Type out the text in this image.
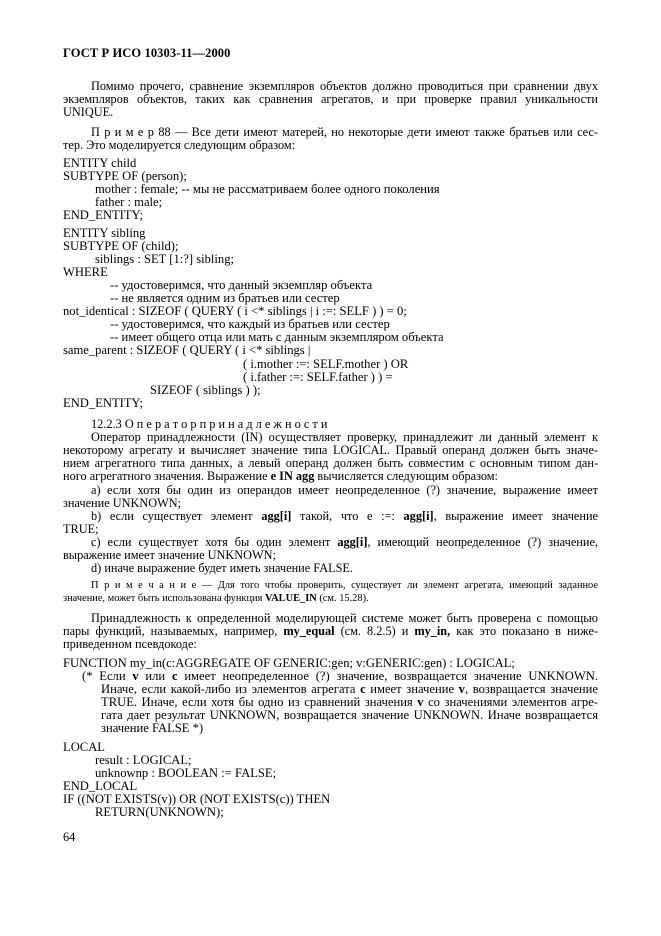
ГОСТ Р ИСО 10303-11—2000
Помимо прочего, сравнение экземпляров объектов должно проводиться при сравнении двух
экземпляров объектов, таких как сравнения агрегатов, и при проверке правил уникальности
UNIQUE.
П р и м е р 88 — Все дети имеют матерей, но некоторые дети имеют также братьев или сес-
тер. Это моделируется следующим образом:
ENTITY child
SUBTYPE OF (person);
mother : female; -- мы не рассматриваем более одного поколения
father : male;
END_ENTITY;
ENTITY sibling
SUBTYPE OF (child);
siblings : SET [1:?] sibling;
WHERE
-- удостоверимся, что данный экземпляр объекта
-- не является одним из братьев или сестер
not_identical : SIZEOF ( QUERY ( i <* siblings | i :=: SELF ) ) = 0;
-- удостоверимся, что каждый из братьев или сестер
-- имеет общего отца или мать с данным экземпляром объекта
same_parent : SIZEOF ( QUERY ( i <* siblings |
( i.mother :=: SELF.mother ) OR
( i.father :=: SELF.father ) ) =
SIZEOF ( siblings ) );
END_ENTITY;
12.2.3 О п е р а т о р п р и н а д л е ж н о с т и
Оператор принадлежности (IN) осуществляет проверку, принадлежит ли данный элемент к
некоторому агрегату и вычисляет значение типа LOGICAL. Правый операнд должен быть значе-
нием агрегатного типа данных, а левый операнд должен быть совместим с основным типом дан-
ного агрегатного значения. Выражение e IN agg вычисляется следующим образом:
a) если хотя бы один из операндов имеет неопределенное (?) значение, выражение имеет
значение UNKNOWN;
b) если существует элемент agg[i] такой, что e :=: agg[i], выражение имеет значение
TRUE;
c) если существует хотя бы один элемент agg[i], имеющий неопределенное (?) значение,
выражение имеет значение UNKNOWN;
d) иначе выражение будет иметь значение FALSE.
П р и м е ч а н и е — Для того чтобы проверить, существует ли элемент агрегата, имеющий заданное
значение, может быть использована функция VALUE_IN (см. 15.28).
Принадлежность к определенной моделирующей системе может быть проверена с помощью
пары функций, называемых, например, my_equal (см. 8.2.5) и my_in, как это показано в ниже-
приведенном псевдокоде:
FUNCTION my_in(c:AGGREGATE OF GENERIC:gen; v:GENERIC:gen) : LOGICAL;
(* Если v или c имеет неопределенное (?) значение, возвращается значение UNKNOWN.
Иначе, если какой-либо из элементов агрегата c имеет значение v, возвращается значение
TRUE. Иначе, если хотя бы одно из сравнений значения v со значениями элементов агре-
гата дает результат UNKNOWN, возвращается значение UNKNOWN. Иначе возвращается
значение FALSE *)
LOCAL
result : LOGICAL;
unknownp : BOOLEAN := FALSE;
END_LOCAL
IF ((NOT EXISTS(v)) OR (NOT EXISTS(c)) THEN
RETURN(UNKNOWN);
64
